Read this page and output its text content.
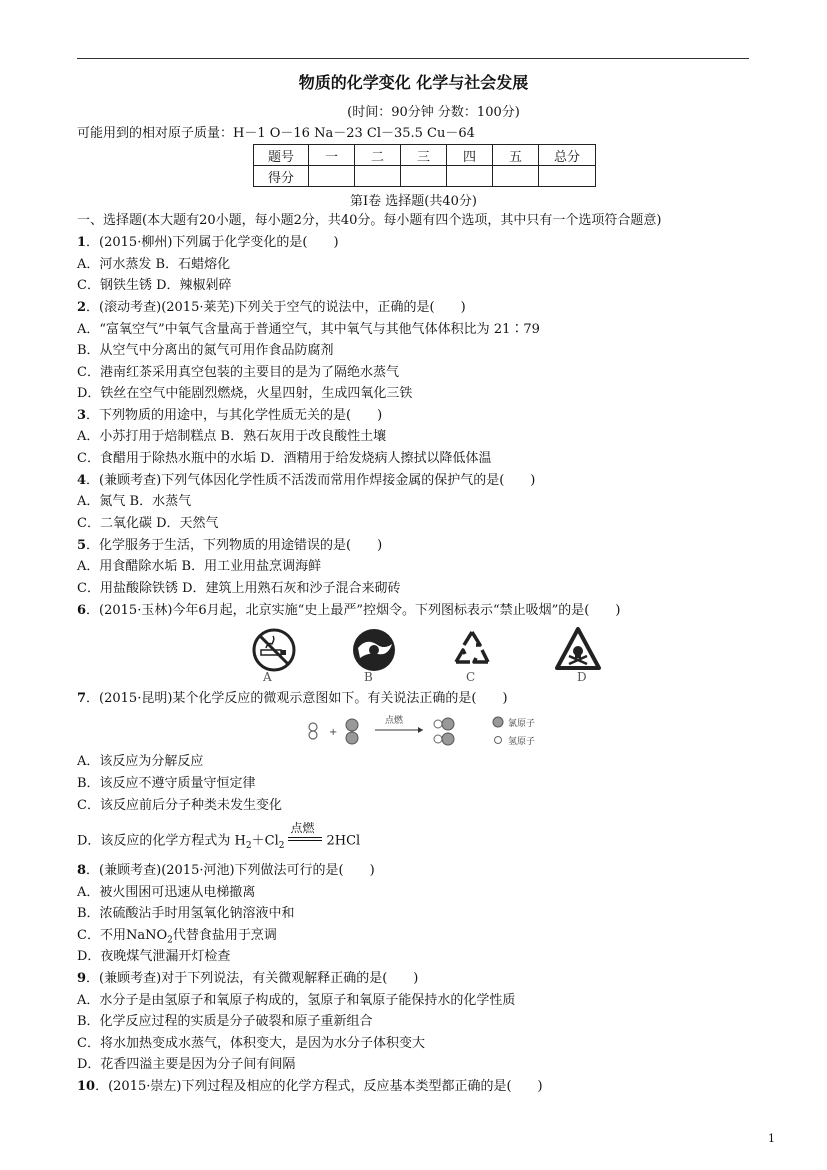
物质的化学变化 化学与社会发展
(时间：90分钟 分数：100分)
可能用到的相对原子质量：H－1 O－16 Na－23 Cl－35.5 Cu－64
题号	一	二	三	四	五	总分
得分						
第Ⅰ卷 选择题(共40分)
一、选择题(本大题有20小题，每小题2分，共40分。每小题有四个选项，其中只有一个选项符合题意)
1．(2015·柳州)下列属于化学变化的是(　　)
A．河水蒸发 B．石蜡熔化
C．钢铁生锈 D．辣椒剁碎
2．(滚动考查)(2015·莱芜)下列关于空气的说法中，正确的是(　　)
A．“富氧空气”中氧气含量高于普通空气，其中氧气与其他气体体积比为 21∶79
B．从空气中分离出的氮气可用作食品防腐剂
C．港南红茶采用真空包装的主要目的是为了隔绝水蒸气
D．铁丝在空气中能剧烈燃烧，火星四射，生成四氧化三铁
3．下列物质的用途中，与其化学性质无关的是(　　)
A．小苏打用于焙制糕点 B．熟石灰用于改良酸性土壤
C．食醋用于除热水瓶中的水垢 D．酒精用于给发烧病人擦拭以降低体温
4．(兼顾考查)下列气体因化学性质不活泼而常用作焊接金属的保护气的是(　　)
A．氮气 B．水蒸气
C．二氧化碳 D．天然气
5．化学服务于生活，下列物质的用途错误的是(　　)
A．用食醋除水垢 B．用工业用盐烹调海鲜
C．用盐酸除铁锈 D．建筑上用熟石灰和沙子混合来砌砖
6．(2015·玉林)今年6月起，北京实施“史上最严”控烟令。下列图标表示“禁止吸烟”的是(　　)
A	B	C	D
7．(2015·昆明)某个化学反应的微观示意图如下。有关说法正确的是(　　)
+
点燃	氯原子
氢原子
A．该反应为分解反应
B．该反应不遵守质量守恒定律
C．该反应前后分子种类未发生变化
D．该反应的化学方程式为 $H_2+Cl_2$
点燃
2HCl
8．(兼顾考查)(2015·河池)下列做法可行的是(　　)
A．被火围困可迅速从电梯撤离
B．浓硫酸沾手时用氢氧化钠溶液中和
C．不用NaNO$_2$代替食盐用于烹调
D．夜晚煤气泄漏开灯检查
9．(兼顾考查)对于下列说法，有关微观解释正确的是(　　)
A．水分子是由氢原子和氧原子构成的，氢原子和氧原子能保持水的化学性质
B．化学反应过程的实质是分子破裂和原子重新组合
C．将水加热变成水蒸气，体积变大，是因为水分子体积变大
D．花香四溢主要是因为分子间有间隔
10．(2015·崇左)下列过程及相应的化学方程式，反应基本类型都正确的是(　　)
1
